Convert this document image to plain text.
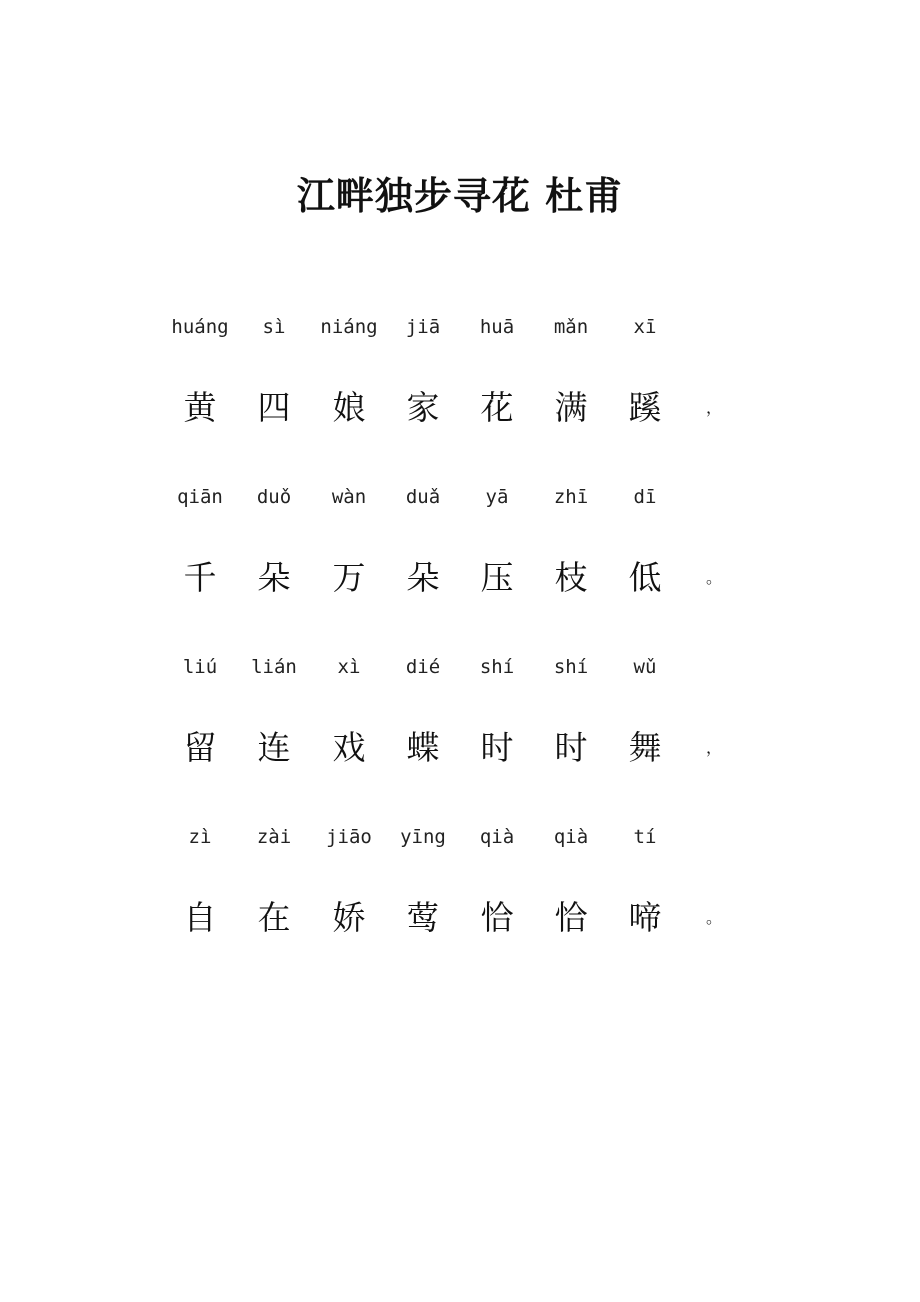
江畔独步寻花 杜甫
huáng	sì	niáng	jiā	huā	mǎn	xī
黄	四	娘	家	花	满	蹊	，
qiān	duǒ	wàn	duǎ	yā	zhī	dī
千	朵	万	朵	压	枝	低	。
liú	lián	xì	dié	shí	shí	wǔ
留	连	戏	蝶	时	时	舞	，
zì	zài	jiāo	yīng	qià	qià	tí
自	在	娇	莺	恰	恰	啼	。
